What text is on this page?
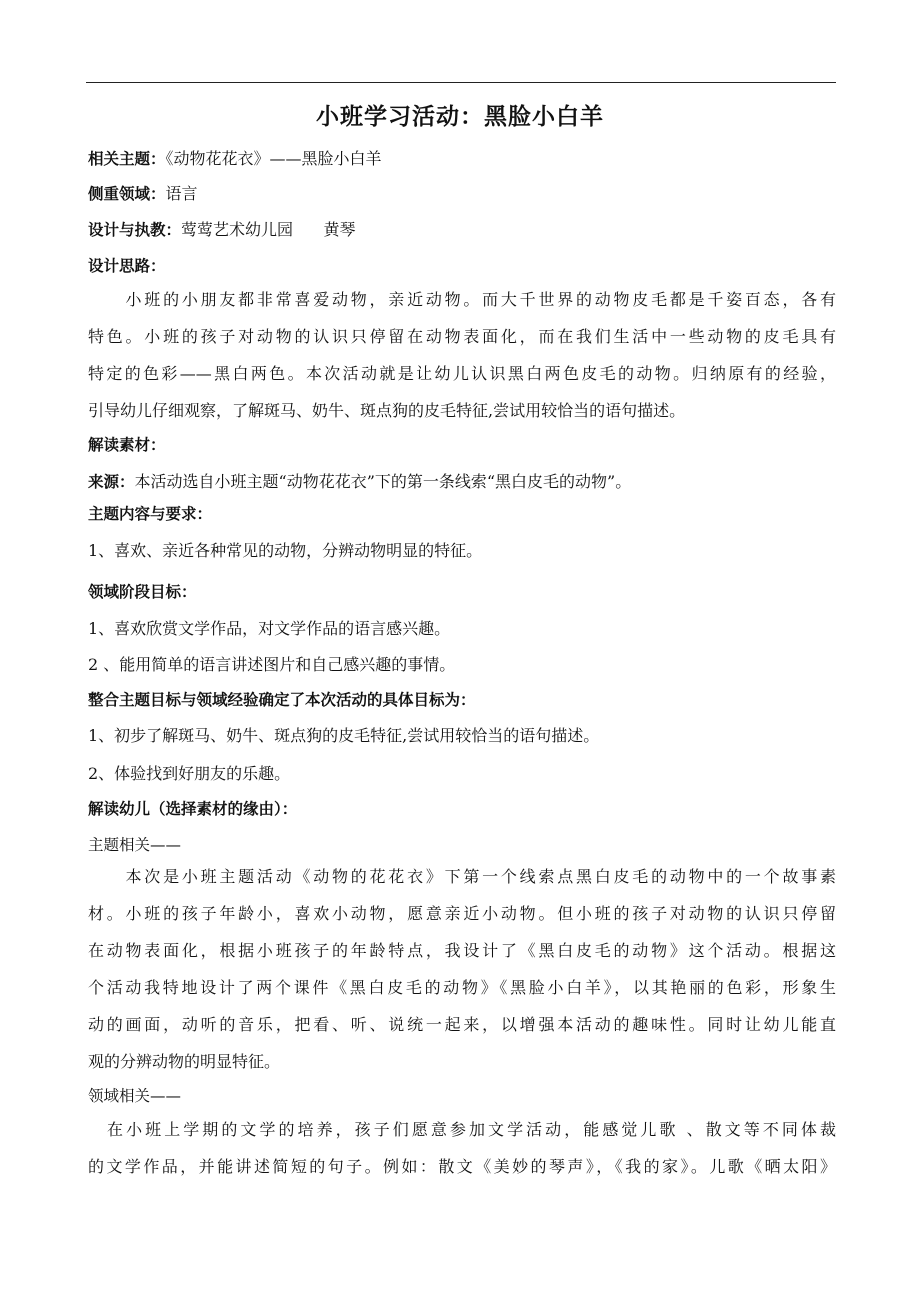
小班学习活动：黑脸小白羊
相关主题：《动物花花衣》——黑脸小白羊
侧重领域：语言
设计与执教：莺莺艺术幼儿园      黄琴
设计思路：
　　小班的小朋友都非常喜爱动物，亲近动物。而大千世界的动物皮毛都是千姿百态，各有
特色。小班的孩子对动物的认识只停留在动物表面化，而在我们生活中一些动物的皮毛具有
特定的色彩——黑白两色。本次活动就是让幼儿认识黑白两色皮毛的动物。归纳原有的经验，
引导幼儿仔细观察，了解斑马、奶牛、斑点狗的皮毛特征,尝试用较恰当的语句描述。
解读素材：
来源：本活动选自小班主题“动物花花衣”下的第一条线索“黑白皮毛的动物”。
主题内容与要求：
1、喜欢、亲近各种常见的动物，分辨动物明显的特征。
领域阶段目标：
1、喜欢欣赏文学作品，对文学作品的语言感兴趣。
2 、能用简单的语言讲述图片和自己感兴趣的事情。
整合主题目标与领域经验确定了本次活动的具体目标为：
1、初步了解斑马、奶牛、斑点狗的皮毛特征,尝试用较恰当的语句描述。
2、体验找到好朋友的乐趣。
解读幼儿（选择素材的缘由）：
主题相关——
　　本次是小班主题活动《动物的花花衣》下第一个线索点黑白皮毛的动物中的一个故事素
材。小班的孩子年龄小，喜欢小动物，愿意亲近小动物。但小班的孩子对动物的认识只停留
在动物表面化，根据小班孩子的年龄特点，我设计了《黑白皮毛的动物》这个活动。根据这
个活动我特地设计了两个课件《黑白皮毛的动物》《黑脸小白羊》，以其艳丽的色彩，形象生
动的画面，动听的音乐，把看、听、说统一起来，以增强本活动的趣味性。同时让幼儿能直
观的分辨动物的明显特征。
领域相关——
　在小班上学期的文学的培养，孩子们愿意参加文学活动，能感觉儿歌 、散文等不同体裁
的文学作品，并能讲述简短的句子。例如：散文《美妙的琴声》，《我的家》。儿歌《晒太阳》
